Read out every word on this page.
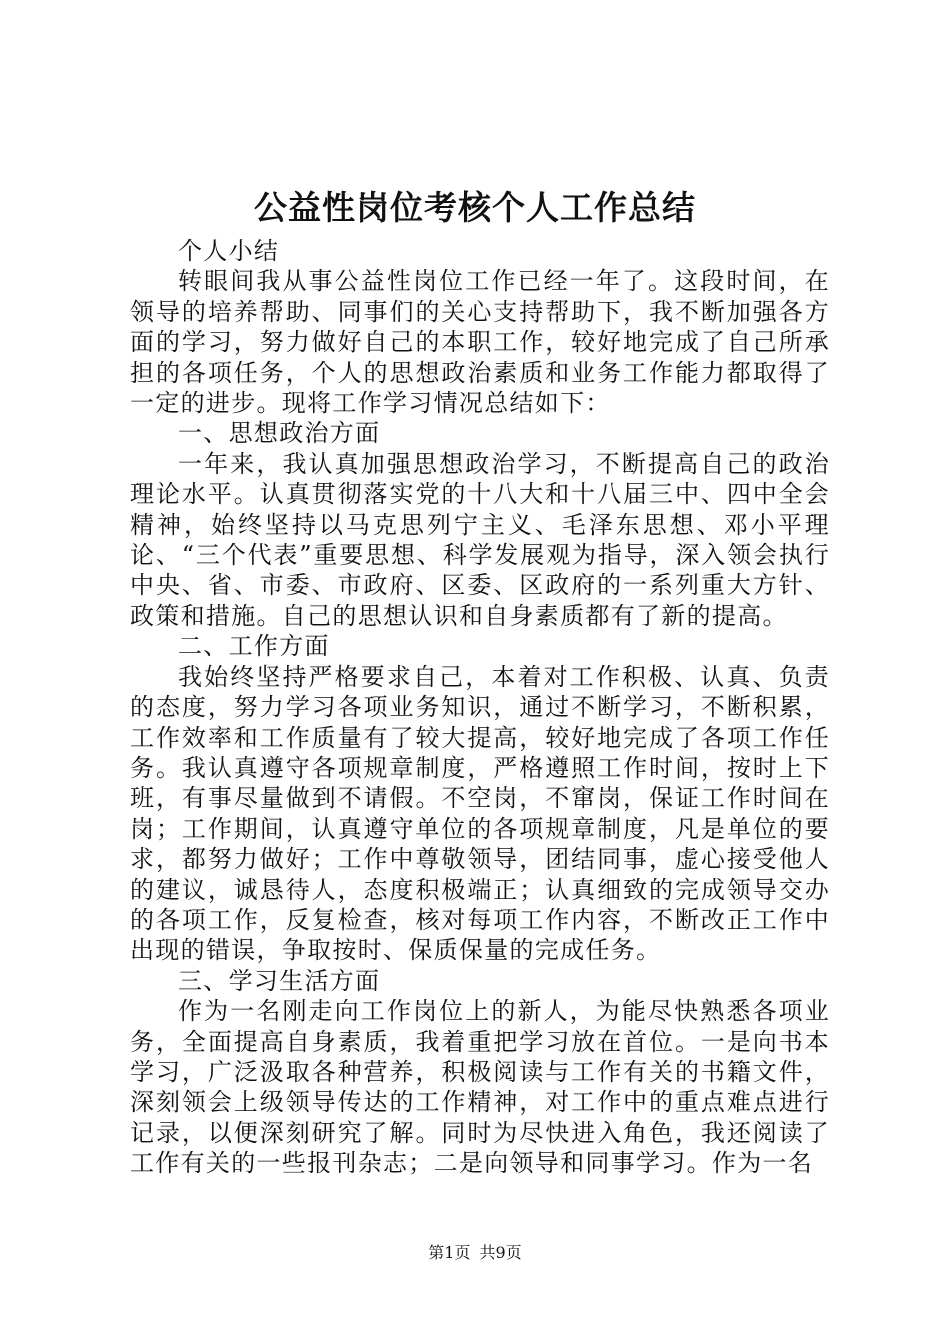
公益性岗位考核个人工作总结

个人小结

转眼间我从事公益性岗位工作已经一年了。这段时间，在领导的培养帮助、同事们的关心支持帮助下，我不断加强各方面的学习，努力做好自己的本职工作，较好地完成了自己所承担的各项任务，个人的思想政治素质和业务工作能力都取得了一定的进步。现将工作学习情况总结如下：

一、思想政治方面

一年来，我认真加强思想政治学习，不断提高自己的政治理论水平。认真贯彻落实党的十八大和十八届三中、四中全会精神，始终坚持以马克思列宁主义、毛泽东思想、邓小平理论、“三个代表”重要思想、科学发展观为指导，深入领会执行中央、省、市委、市政府、区委、区政府的一系列重大方针、政策和措施。自己的思想认识和自身素质都有了新的提高。

二、工作方面

我始终坚持严格要求自己，本着对工作积极、认真、负责的态度，努力学习各项业务知识，通过不断学习，不断积累，工作效率和工作质量有了较大提高，较好地完成了各项工作任务。我认真遵守各项规章制度，严格遵照工作时间，按时上下班，有事尽量做到不请假。不空岗，不窜岗，保证工作时间在岗；工作期间，认真遵守单位的各项规章制度，凡是单位的要求，都努力做好；工作中尊敬领导，团结同事，虚心接受他人的建议，诚恳待人，态度积极端正；认真细致的完成领导交办的各项工作，反复检查，核对每项工作内容，不断改正工作中出现的错误，争取按时、保质保量的完成任务。

三、学习生活方面

作为一名刚走向工作岗位上的新人，为能尽快熟悉各项业务，全面提高自身素质，我着重把学习放在首位。一是向书本学习，广泛汲取各种营养，积极阅读与工作有关的书籍文件，深刻领会上级领导传达的工作精神，对工作中的重点难点进行记录，以便深刻研究了解。同时为尽快进入角色，我还阅读了工作有关的一些报刊杂志；二是向领导和同事学习。作为一名

第1页 共9页
